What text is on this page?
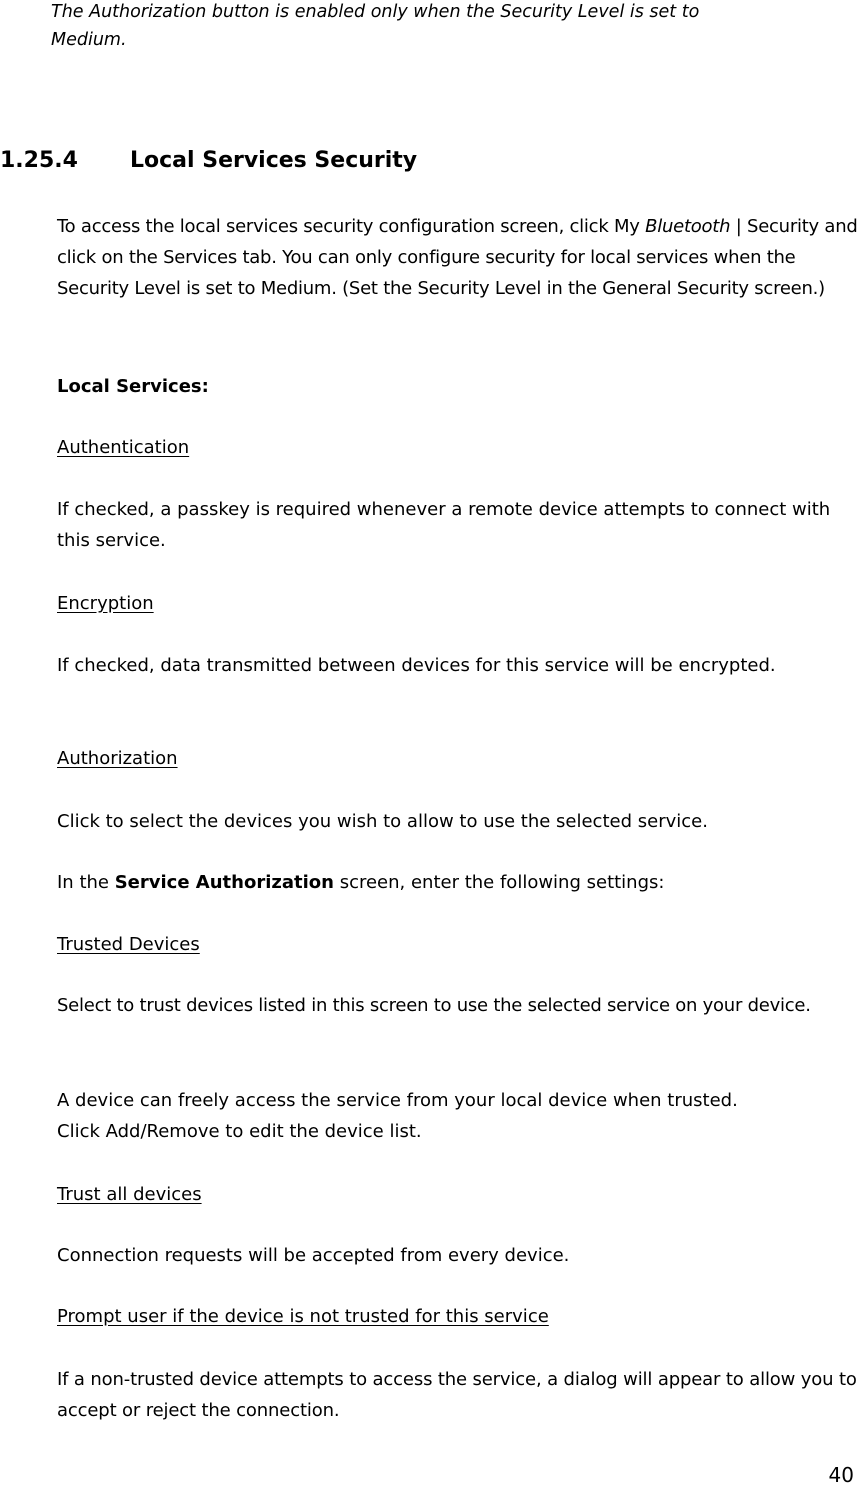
The Authorization button is enabled only when the Security Level is set to
Medium.
1.25.4 Local Services Security
To access the local services security configuration screen, click My Bluetooth | Security and click on the Services tab. You can only configure security for local services when the Security Level is set to Medium. (Set the Security Level in the General Security screen.)
Local Services:
Authentication
If checked, a passkey is required whenever a remote device attempts to connect with this service.
Encryption
If checked, data transmitted between devices for this service will be encrypted.
Authorization
Click to select the devices you wish to allow to use the selected service.
In the Service Authorization screen, enter the following settings:
Trusted Devices
Select to trust devices listed in this screen to use the selected service on your device.
A device can freely access the service from your local device when trusted.
Click Add/Remove to edit the device list.
Trust all devices
Connection requests will be accepted from every device.
Prompt user if the device is not trusted for this service
If a non-trusted device attempts to access the service, a dialog will appear to allow you to accept or reject the connection.
40
